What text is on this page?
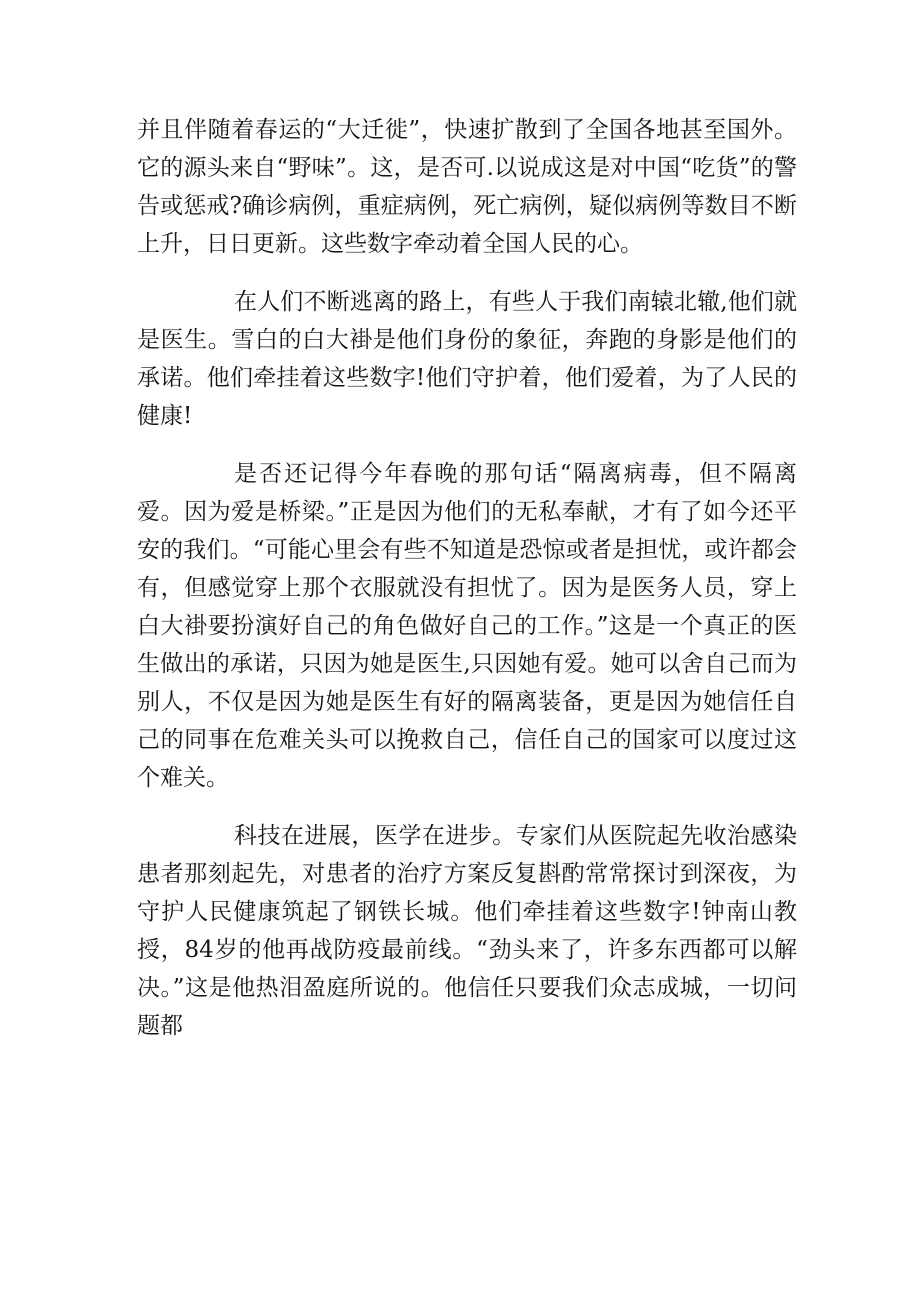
并且伴随着春运的“大迁徙”，快速扩散到了全国各地甚至国外。它的源头来自“野味”。这，是否可.以说成这是对中国“吃货”的警告或惩戒?确诊病例，重症病例，死亡病例，疑似病例等数目不断上升，日日更新。这些数字牵动着全国人民的心。

在人们不断逃离的路上，有些人于我们南辕北辙,他们就是医生。雪白的白大褂是他们身份的象征，奔跑的身影是他们的承诺。他们牵挂着这些数字!他们守护着，他们爱着，为了人民的健康!

是否还记得今年春晚的那句话“隔离病毒，但不隔离爱。因为爱是桥梁。”正是因为他们的无私奉献，才有了如今还平安的我们。“可能心里会有些不知道是恐惊或者是担忧，或许都会有，但感觉穿上那个衣服就没有担忧了。因为是医务人员，穿上白大褂要扮演好自己的角色做好自己的工作。”这是一个真正的医生做出的承诺，只因为她是医生,只因她有爱。她可以舍自己而为别人，不仅是因为她是医生有好的隔离装备，更是因为她信任自己的同事在危难关头可以挽救自己，信任自己的国家可以度过这个难关。

科技在进展，医学在进步。专家们从医院起先收治感染患者那刻起先，对患者的治疗方案反复斟酌常常探讨到深夜，为守护人民健康筑起了钢铁长城。他们牵挂着这些数字!钟南山教授，84岁的他再战防疫最前线。“劲头来了，许多东西都可以解决。”这是他热泪盈庭所说的。他信任只要我们众志成城，一切问题都
